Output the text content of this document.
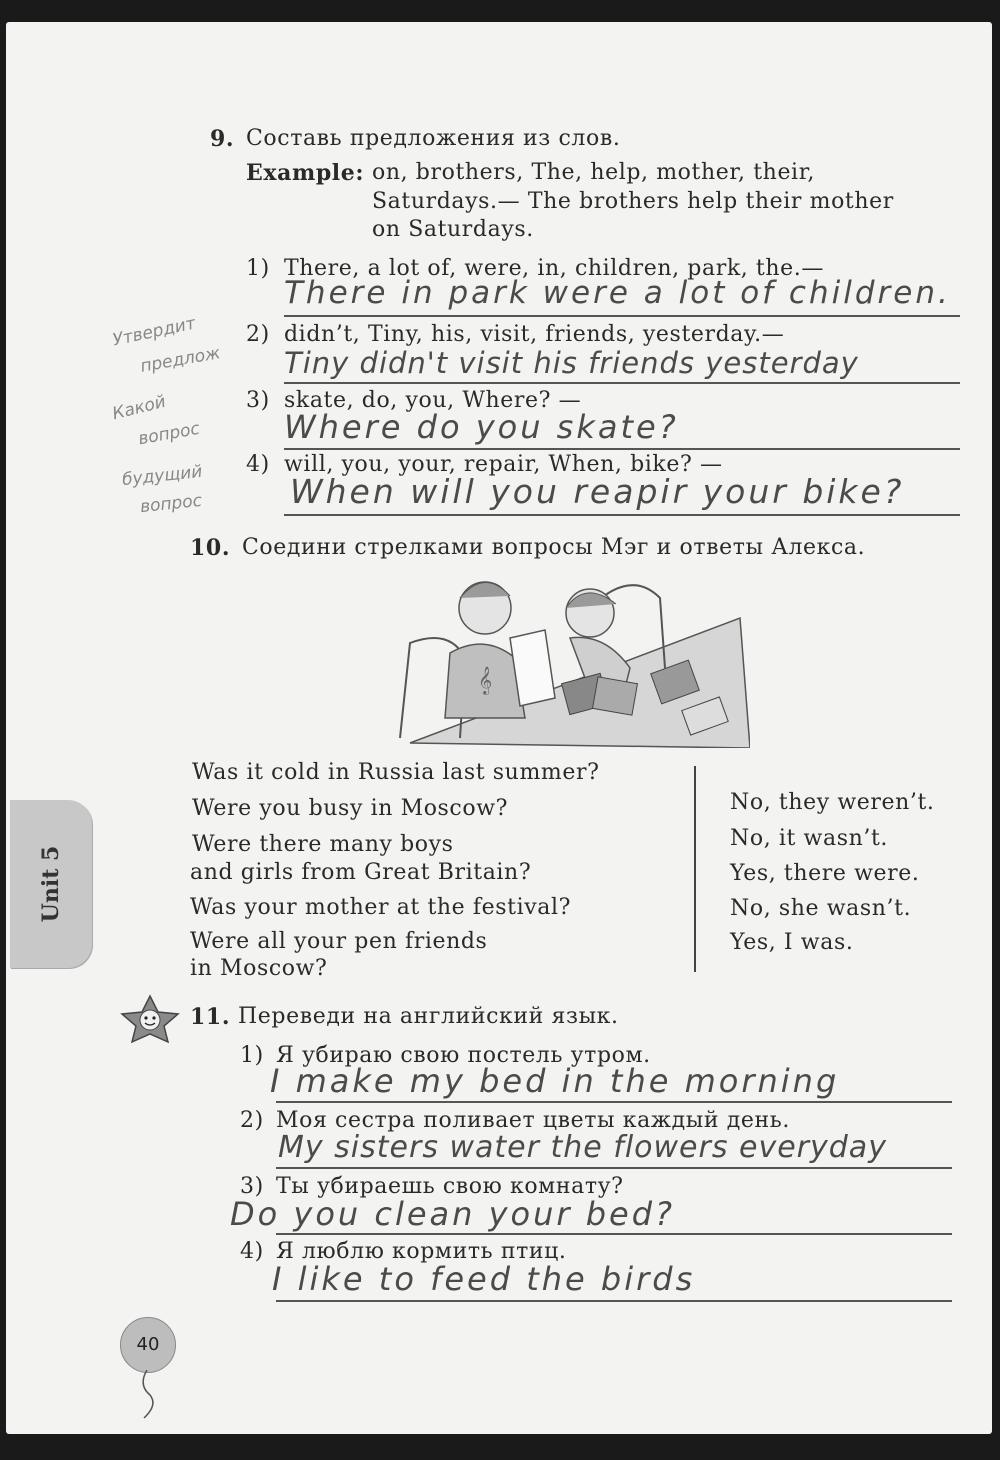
9. Составь предложения из слов.
Example: on, brothers, The, help, mother, their,
Saturdays.— The brothers help their mother
on Saturdays.
1) There, a lot of, were, in, children, park, the.—
There in park were a lot of children.
2) didn’t, Tiny, his, visit, friends, yesterday.—
Tiny didn't visit his friends yesterday
3) skate, do, you, Where? —
Where do you skate?
4) will, you, your, repair, When, bike? —
When will you reapir your bike?
Утвердит
предлож
Какой
вопрос
будущий
вопрос
10. Соедини стрелками вопросы Мэг и ответы Алекса.
𝄞
Was it cold in Russia last summer?
Were you busy in Moscow?
Were there many boys
and girls from Great Britain?
Was your mother at the festival?
Were all your pen friends
in Moscow?
No, they weren’t.
No, it wasn’t.
Yes, there were.
No, she wasn’t.
Yes, I was.
Unit 5
11. Переведи на английский язык.
1) Я убираю свою постель утром.
I make my bed in the morning
2) Моя сестра поливает цветы каждый день.
My sisters water the flowers everyday
3) Ты убираешь свою комнату?
Do you clean your bed?
4) Я люблю кормить птиц.
I like to feed the birds
40
